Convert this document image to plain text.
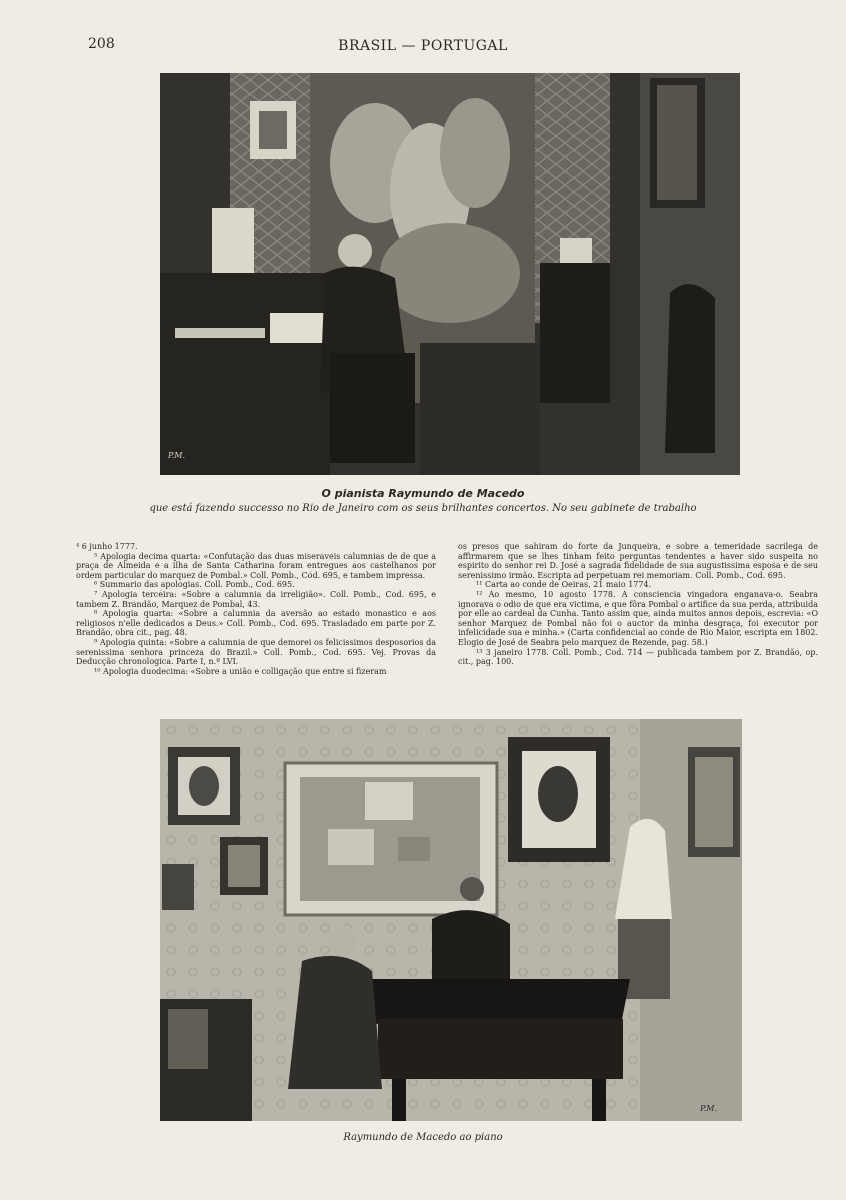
208	BRASIL — PORTUGAL
P.M.
O pianista Raymundo de Macedo
que está fazendo successo no Rio de Janeiro com os seus brilhantes concertos. No seu gabinete de trabalho

⁴ 6 junho 1777.

⁵ Apologia decima quarta: «Confutação das duas miseraveis calumnias de de que a praça de Almeida e a ilha de Santa Catharina foram entregues aos castelhanos por ordem particular do marquez de Pombal.» Coll. Pomb., Cod. 695, e tambem impressa.

⁶ Summario das apologias. Coll. Pomb., Cod. 695.

⁷ Apologia terceira: «Sobre a calumnia da irreligião». Coll. Pomb., Cod. 695, e tambem Z. Brandão, Marquez de Pombal, 43.

⁸ Apologia quarta: «Sobre a calumnia da aversão ao estado monastico e aos religiosos n'elle dedicados a Deus.» Coll. Pomb., Cod. 695. Trasladado em parte por Z. Brandão, obra cit., pag. 48.

⁹ Apologia quinta: «Sobre a calumnia de que demorei os felicissimos desposorios da serenissima senhora princeza do Brazil.» Coll. Pomb., Cod. 695. Vej. Provas da Deducção chronologica. Parte I, n.º LVI.

¹⁰ Apologia duodecima: «Sobre a união e colligação que entre si fizeram

os presos que sahiram do forte da Junqueira, e sobre a temeridade sacrilega de affirmarem que se lhes tinham feito perguntas tendentes a haver sido suspeita no espirito do senhor rei D. José a sagrada fidelidade de sua augustissima esposa e de seu serenissimo irmão. Escripta ad perpetuam rei memoriam. Coll. Pomb., Cod. 695.

¹¹ Carta ao conde de Oeiras, 21 maio 1774.

¹² Ao mesmo, 10 agosto 1778. A consciencia vingadora enganava-o. Seabra ignorava o odio de que era victima, e que fôra Pombal o artifice da sua perda, attribuida por elle ao cardeal da Cunha. Tanto assim que, ainda muitos annos depois, escrevia: «O senhor Marquez de Pombal não foi o auctor da minha desgraça, foi executor por infelicidade sua e minha.» (Carta confidencial ao conde de Rio Maior, escripta em 1802. Elogio de José de Seabra pelo marquez de Rezende, pag. 58.)

¹³ 3 janeiro 1778. Coll. Pomb., Cod. 714 — publicada tambem por Z. Brandão, op. cit., pag. 100.

P.M.
Raymundo de Macedo ao piano
